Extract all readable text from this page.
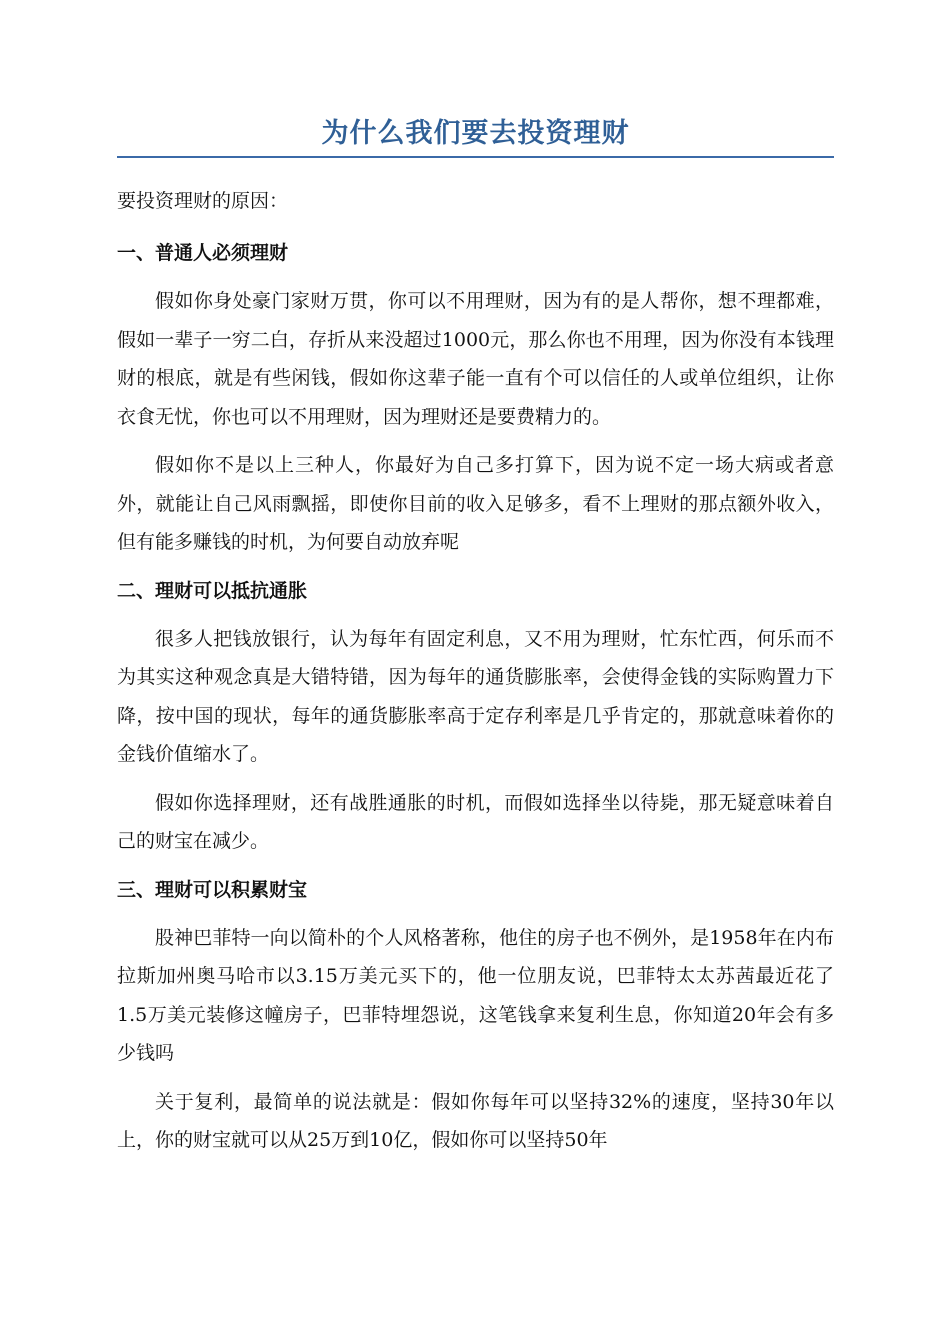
为什么我们要去投资理财

要投资理财的原因：

一、普通人必须理财

假如你身处豪门家财万贯，你可以不用理财，因为有的是人帮你，想不理都难，假如一辈子一穷二白，存折从来没超过1000元，那么你也不用理，因为你没有本钱理财的根底，就是有些闲钱，假如你这辈子能一直有个可以信任的人或单位组织，让你衣食无忧，你也可以不用理财，因为理财还是要费精力的。

假如你不是以上三种人，你最好为自己多打算下，因为说不定一场大病或者意外，就能让自己风雨飘摇，即使你目前的收入足够多，看不上理财的那点额外收入，但有能多赚钱的时机，为何要自动放弃呢

二、理财可以抵抗通胀

很多人把钱放银行，认为每年有固定利息，又不用为理财，忙东忙西，何乐而不为其实这种观念真是大错特错，因为每年的通货膨胀率，会使得金钱的实际购置力下降，按中国的现状，每年的通货膨胀率高于定存利率是几乎肯定的，那就意味着你的金钱价值缩水了。

假如你选择理财，还有战胜通胀的时机，而假如选择坐以待毙，那无疑意味着自己的财宝在减少。

三、理财可以积累财宝

股神巴菲特一向以简朴的个人风格著称，他住的房子也不例外，是1958年在内布拉斯加州奥马哈市以3.15万美元买下的，他一位朋友说，巴菲特太太苏茜最近花了1.5万美元装修这幢房子，巴菲特埋怨说，这笔钱拿来复利生息，你知道20年会有多少钱吗

关于复利，最简单的说法就是：假如你每年可以坚持32%的速度，坚持30年以上，你的财宝就可以从25万到10亿，假如你可以坚持50年
